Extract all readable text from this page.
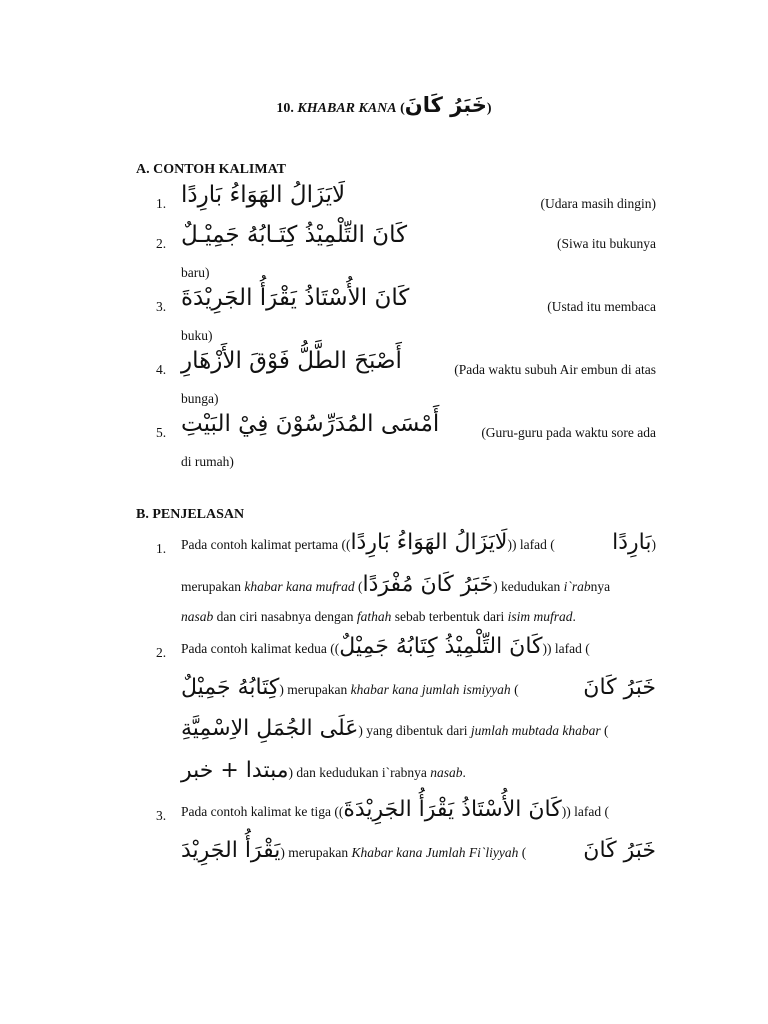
10. KHABAR KANA (خَبَرُ كَانَ)
A. CONTOH KALIMAT
1. لَايَزَالُ الهَوَاءُ بَارِدًا	(Udara masih dingin)
2. كَانَ التِّلْمِيْذُ كِتَـابُهُ جَمِيْـلٌ	(Siwa itu bukunya
baru)
3. كَانَ الأُسْتَاذُ يَقْرَأُ الجَرِيْدَةَ	(Ustad itu membaca
buku)
4. أَصْبَحَ الطَّلُّ فَوْقَ الأَزْهَارِ	(Pada waktu subuh Air embun di atas
bunga)
5. أَمْسَى المُدَرِّسُوْنَ فِيْ البَيْتِ	(Guru-guru pada waktu sore ada
di rumah)
B. PENJELASAN
1. Pada contoh kalimat pertama ((لَايَزَالُ الهَوَاءُ بَارِدًا)) lafad (	بَارِدًا)
merupakan khabar kana mufrad (خَبَرُ كَانَ مُفْرَدًا) kedudukan i`rabnya
nasab dan ciri nasabnya dengan fathah sebab terbentuk dari isim mufrad.
2. Pada contoh kalimat kedua ((كَانَ التِّلْمِيْذُ كِتَابُهُ جَمِيْلٌ)) lafad (
كِتَابُهُ جَمِيْلٌ) merupakan khabar kana jumlah ismiyyah (	خَبَرُ كَانَ
عَلَى الجُمَلِ الاِسْمِيَّةِ) yang dibentuk dari jumlah mubtada khabar (
مبتدا + خبر) dan kedudukan i`rabnya nasab.
3. Pada contoh kalimat ke tiga ((كَانَ الأُسْتَاذُ يَقْرَأُ الجَرِيْدَةَ)) lafad (
يَقْرَأُ الجَرِيْدَ) merupakan Khabar kana Jumlah Fi`liyyah (	خَبَرُ كَانَ
